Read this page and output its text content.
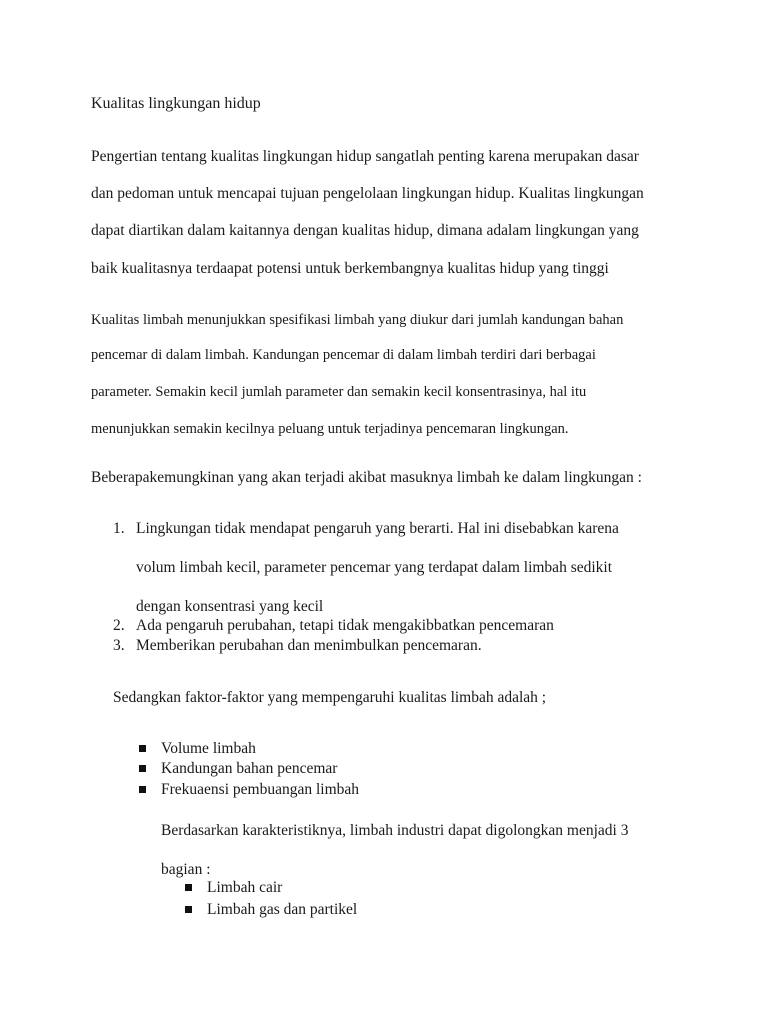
Kualitas lingkungan hidup
Pengertian tentang kualitas lingkungan hidup sangatlah penting karena merupakan dasar
dan pedoman untuk mencapai tujuan pengelolaan lingkungan hidup. Kualitas lingkungan
dapat diartikan dalam kaitannya dengan kualitas hidup, dimana adalam lingkungan yang
baik kualitasnya terdaapat potensi untuk berkembangnya kualitas hidup yang tinggi
Kualitas limbah menunjukkan spesifikasi limbah yang diukur dari jumlah kandungan bahan
pencemar di dalam limbah. Kandungan pencemar di dalam limbah terdiri dari berbagai
parameter. Semakin kecil jumlah parameter dan semakin kecil konsentrasinya, hal itu
menunjukkan semakin kecilnya peluang untuk terjadinya pencemaran lingkungan.
Beberapakemungkinan yang akan terjadi akibat masuknya limbah ke dalam lingkungan :
1. Lingkungan tidak mendapat pengaruh yang berarti. Hal ini disebabkan karena
volum limbah kecil, parameter pencemar yang terdapat dalam limbah sedikit
dengan konsentrasi yang kecil
2. Ada pengaruh perubahan, tetapi tidak mengakibbatkan pencemaran
3. Memberikan perubahan dan menimbulkan pencemaran.
Sedangkan faktor-faktor yang mempengaruhi kualitas limbah adalah ;
Volume limbah
Kandungan bahan pencemar
Frekuaensi pembuangan limbah
Berdasarkan karakteristiknya, limbah industri dapat digolongkan menjadi 3
bagian :
Limbah cair
Limbah gas dan partikel
